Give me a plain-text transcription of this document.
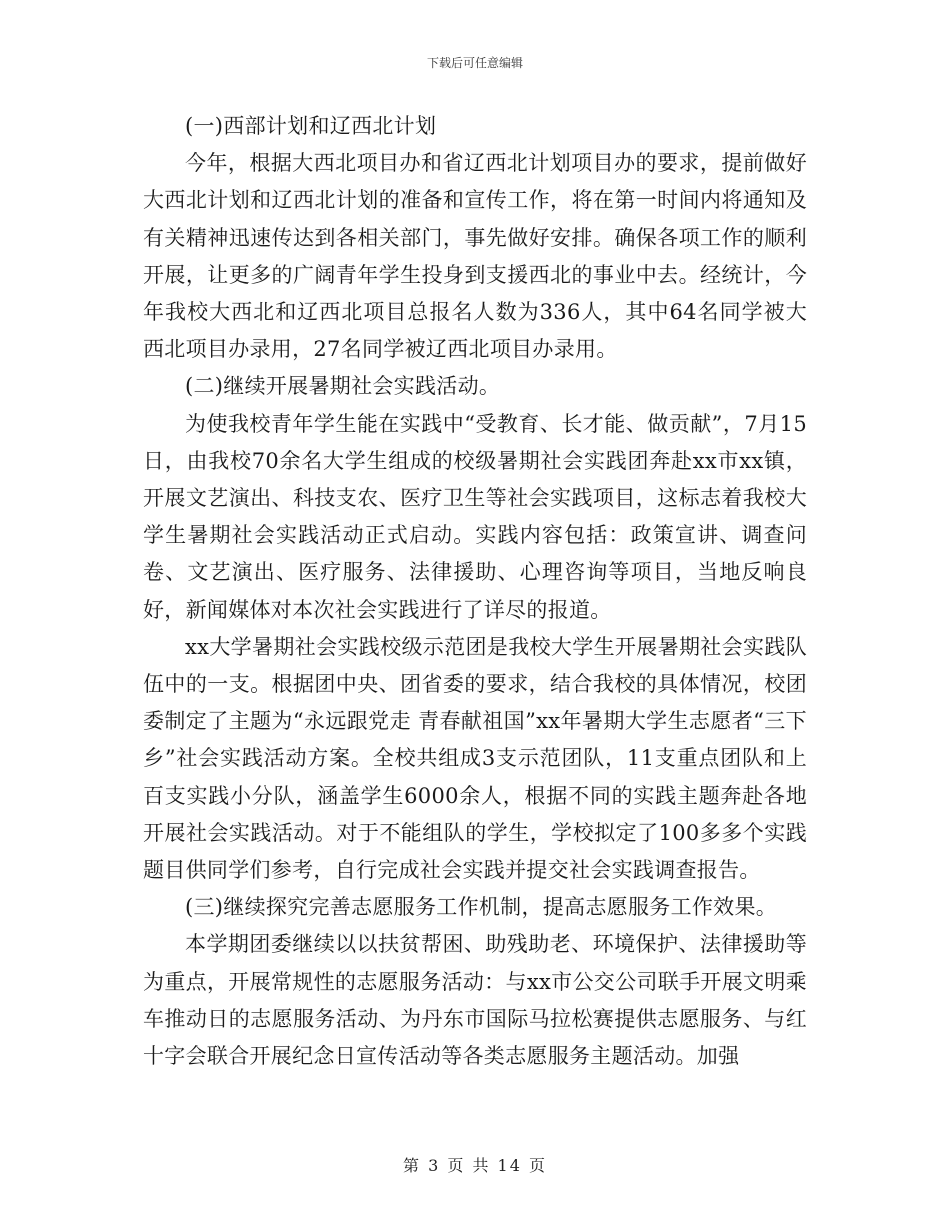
下载后可任意编辑

(一)西部计划和辽西北计划

今年，根据大西北项目办和省辽西北计划项目办的要求，提前做好大西北计划和辽西北计划的准备和宣传工作，将在第一时间内将通知及有关精神迅速传达到各相关部门，事先做好安排。确保各项工作的顺利开展，让更多的广阔青年学生投身到支援西北的事业中去。经统计，今年我校大西北和辽西北项目总报名人数为336人，其中64名同学被大西北项目办录用，27名同学被辽西北项目办录用。

(二)继续开展暑期社会实践活动。

为使我校青年学生能在实践中“受教育、长才能、做贡献”，7月15日，由我校70余名大学生组成的校级暑期社会实践团奔赴xx市xx镇，开展文艺演出、科技支农、医疗卫生等社会实践项目，这标志着我校大学生暑期社会实践活动正式启动。实践内容包括：政策宣讲、调查问卷、文艺演出、医疗服务、法律援助、心理咨询等项目，当地反响良好，新闻媒体对本次社会实践进行了详尽的报道。

xx大学暑期社会实践校级示范团是我校大学生开展暑期社会实践队伍中的一支。根据团中央、团省委的要求，结合我校的具体情况，校团委制定了主题为“永远跟党走 青春献祖国”xx年暑期大学生志愿者“三下乡”社会实践活动方案。全校共组成3支示范团队，11支重点团队和上百支实践小分队，涵盖学生6000余人，根据不同的实践主题奔赴各地开展社会实践活动。对于不能组队的学生，学校拟定了100多多个实践题目供同学们参考，自行完成社会实践并提交社会实践调查报告。

(三)继续探究完善志愿服务工作机制，提高志愿服务工作效果。

本学期团委继续以以扶贫帮困、助残助老、环境保护、法律援助等为重点，开展常规性的志愿服务活动：与xx市公交公司联手开展文明乘车推动日的志愿服务活动、为丹东市国际马拉松赛提供志愿服务、与红十字会联合开展纪念日宣传活动等各类志愿服务主题活动。加强

第 3 页 共 14 页
